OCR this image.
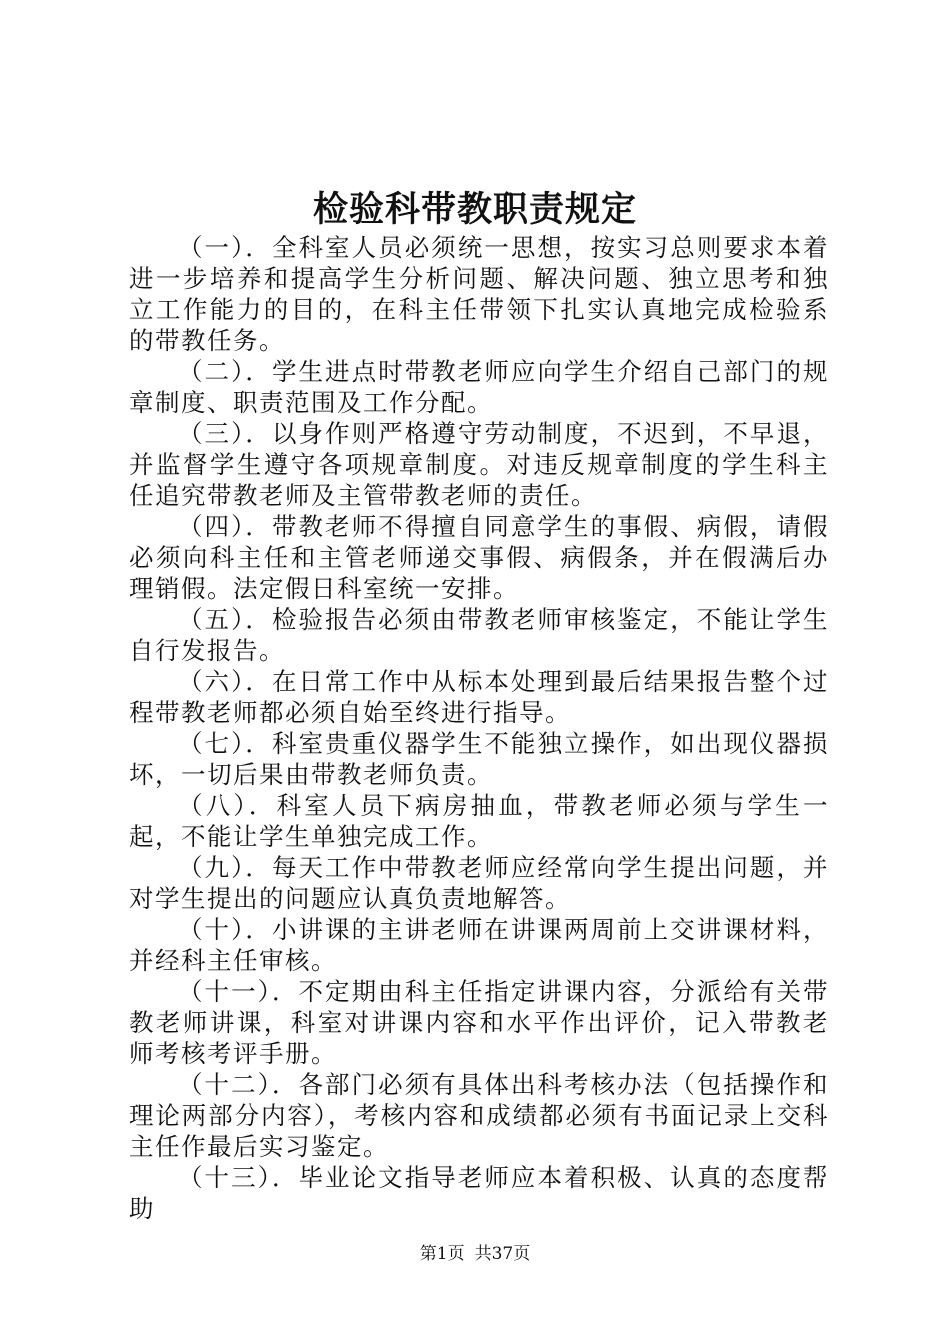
检验科带教职责规定

（一）．全科室人员必须统一思想，按实习总则要求本着进一步培养和提高学生分析问题、解决问题、独立思考和独立工作能力的目的，在科主任带领下扎实认真地完成检验系的带教任务。

（二）．学生进点时带教老师应向学生介绍自己部门的规章制度、职责范围及工作分配。

（三）．以身作则严格遵守劳动制度，不迟到，不早退，并监督学生遵守各项规章制度。对违反规章制度的学生科主任追究带教老师及主管带教老师的责任。

（四）．带教老师不得擅自同意学生的事假、病假，请假必须向科主任和主管老师递交事假、病假条，并在假满后办理销假。法定假日科室统一安排。

（五）．检验报告必须由带教老师审核鉴定，不能让学生自行发报告。

（六）．在日常工作中从标本处理到最后结果报告整个过程带教老师都必须自始至终进行指导。

（七）．科室贵重仪器学生不能独立操作，如出现仪器损坏，一切后果由带教老师负责。

（八）．科室人员下病房抽血，带教老师必须与学生一起，不能让学生单独完成工作。

（九）．每天工作中带教老师应经常向学生提出问题，并对学生提出的问题应认真负责地解答。

（十）．小讲课的主讲老师在讲课两周前上交讲课材料，并经科主任审核。

（十一）．不定期由科主任指定讲课内容，分派给有关带教老师讲课，科室对讲课内容和水平作出评价，记入带教老师考核考评手册。

（十二）．各部门必须有具体出科考核办法（包括操作和理论两部分内容），考核内容和成绩都必须有书面记录上交科主任作最后实习鉴定。

（十三）．毕业论文指导老师应本着积极、认真的态度帮助

第1页 共37页
